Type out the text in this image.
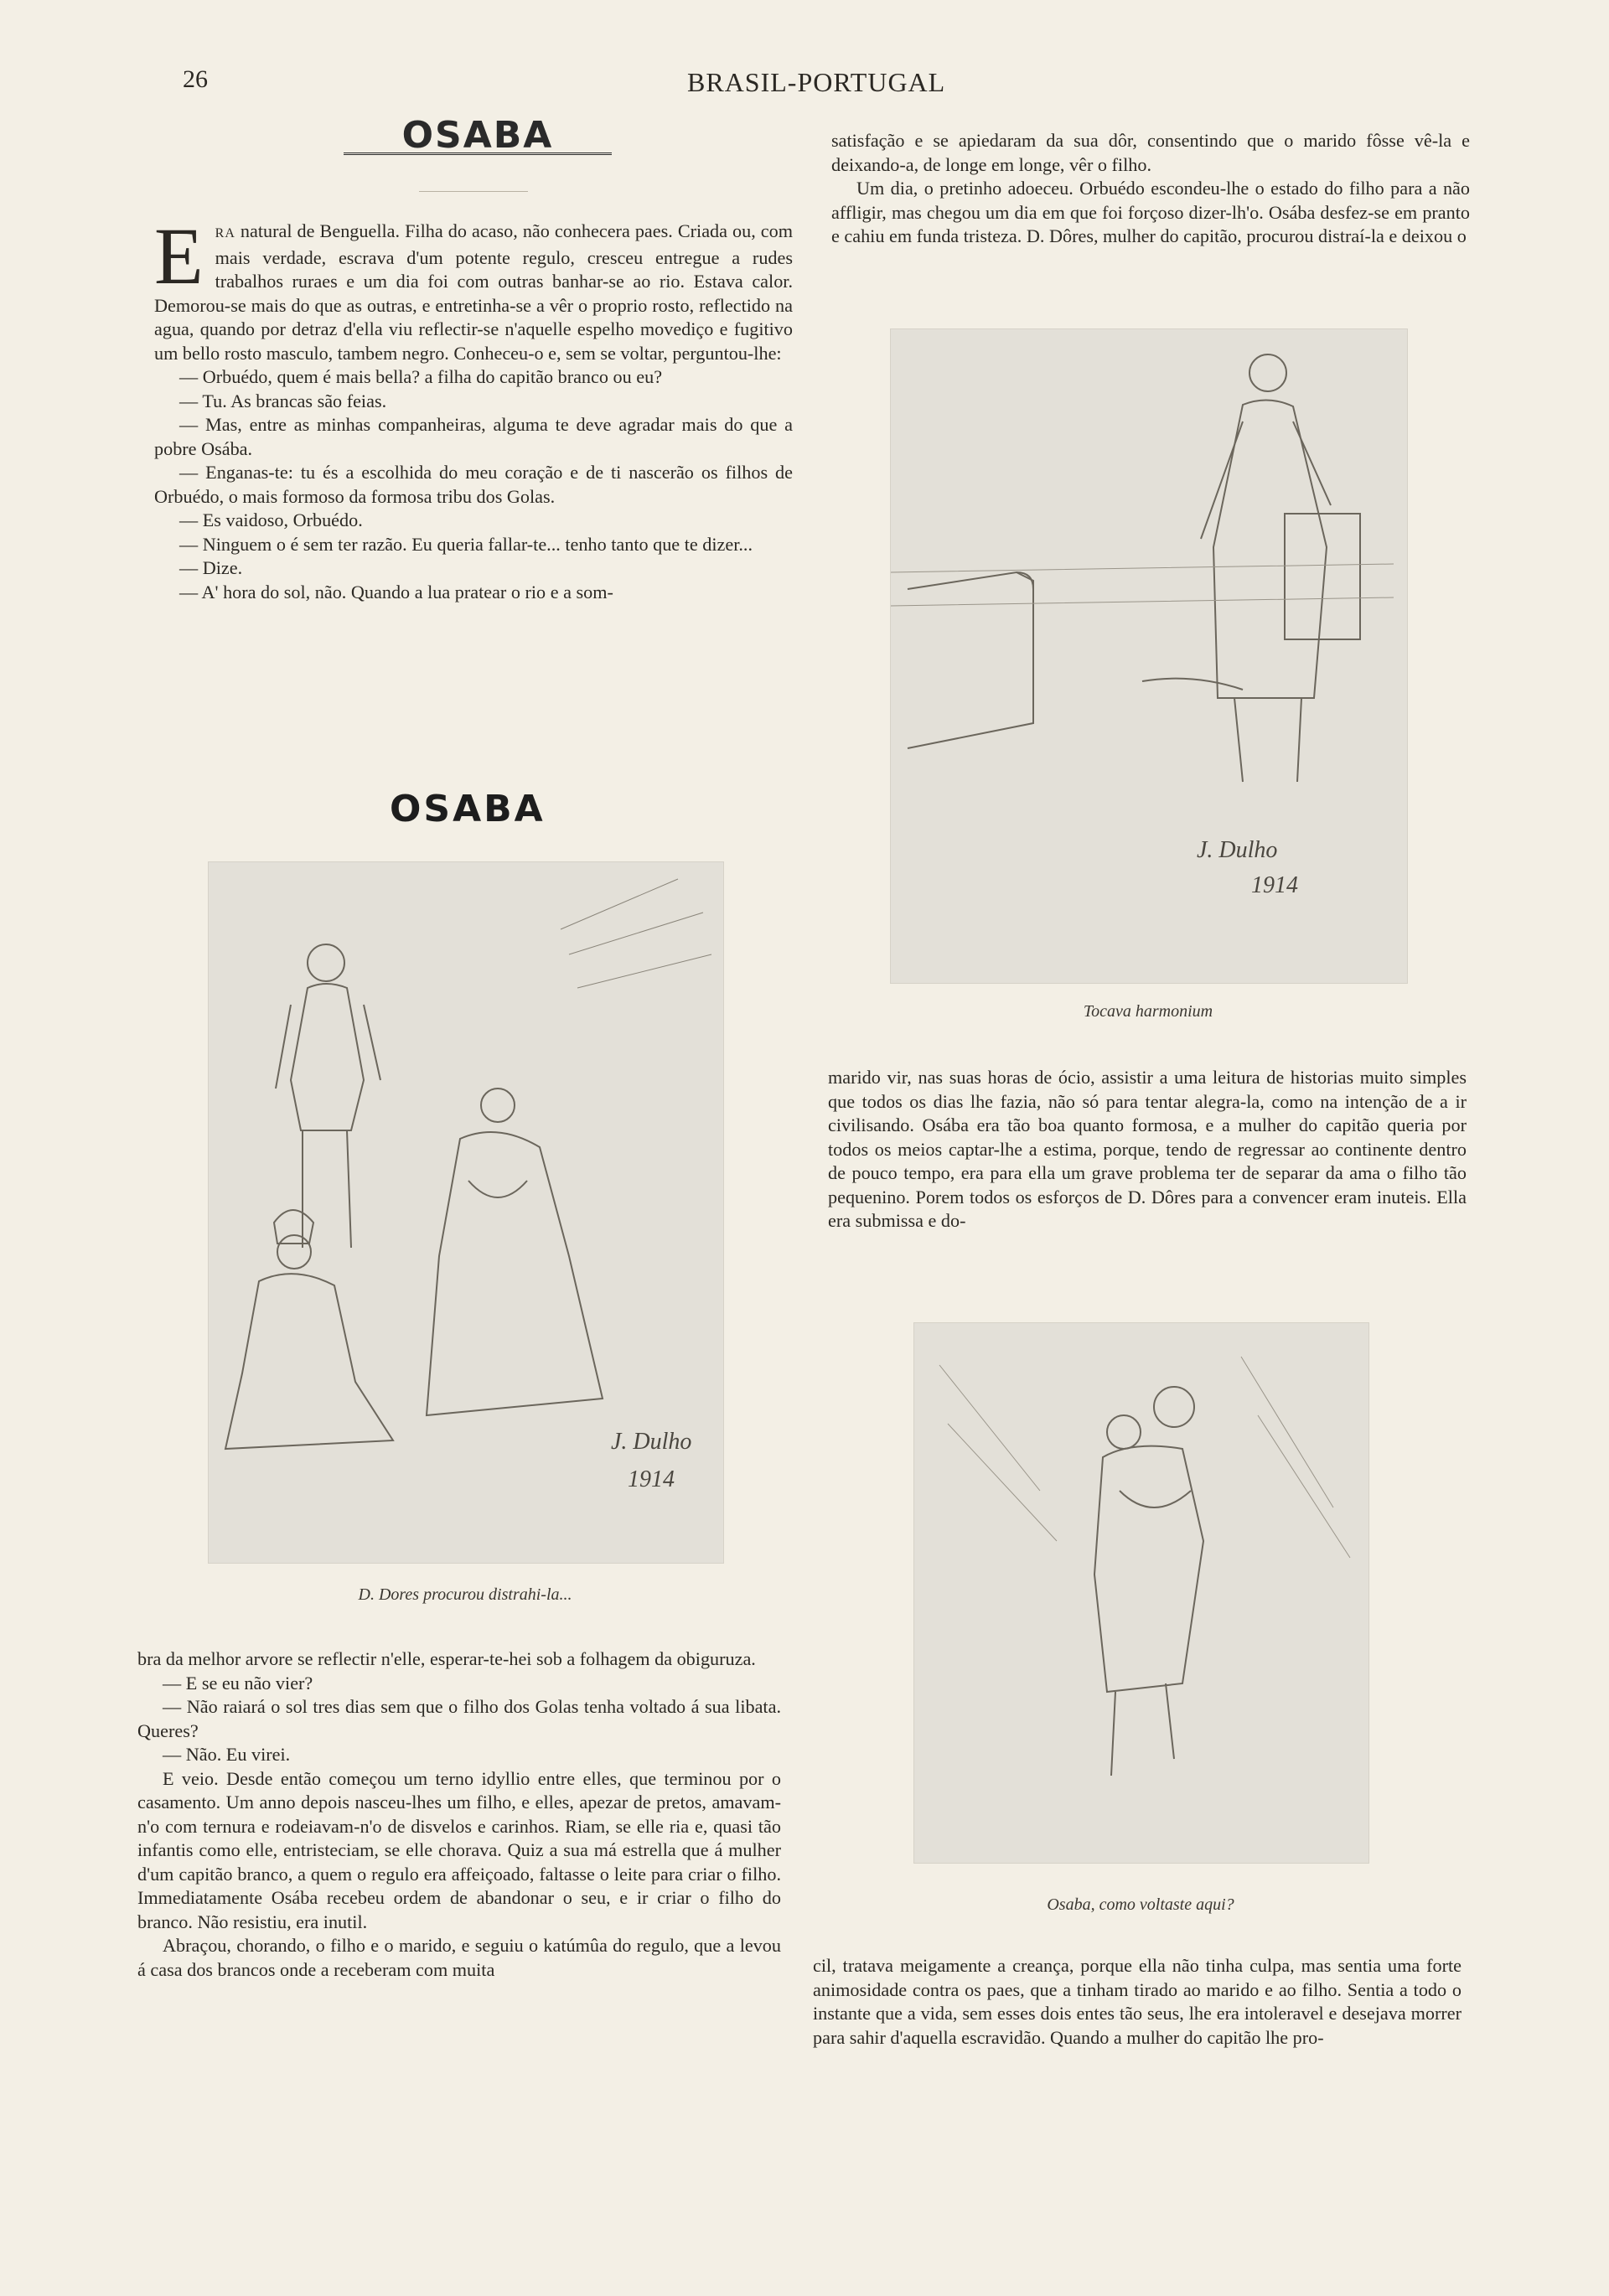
26	BRASIL-PORTUGAL
OSABA

ERA natural de Benguella. Filha do acaso, não conhecera paes. Criada ou, com mais verdade, escrava d'um potente regulo, cresceu entregue a rudes trabalhos ruraes e um dia foi com outras banhar-se ao rio. Estava calor. Demorou-se mais do que as outras, e entretinha-se a vêr o proprio rosto, reflectido na agua, quando por detraz d'ella viu reflectir-se n'aquelle espelho movediço e fugitivo um bello rosto masculo, tambem negro. Conheceu-o e, sem se voltar, perguntou-lhe:

— Orbuédo, quem é mais bella? a filha do capitão branco ou eu?

— Tu. As brancas são feias.

— Mas, entre as minhas companheiras, alguma te deve agradar mais do que a pobre Osába.

— Enganas-te: tu és a escolhida do meu coração e de ti nascerão os filhos de Orbuédo, o mais formoso da formosa tribu dos Golas.

— Es vaidoso, Orbuédo.

— Ninguem o é sem ter razão. Eu queria fallar-te... tenho tanto que te dizer...

— Dize.

— A' hora do sol, não. Quando a lua pratear o rio e a som-

OSABA
J. Dulho
1914
D. Dores procurou distrahi-la...

bra da melhor arvore se reflectir n'elle, esperar-te-hei sob a folhagem da obiguruza.

— E se eu não vier?

— Não raiará o sol tres dias sem que o filho dos Golas tenha voltado á sua libata. Queres?

— Não. Eu virei.

E veio. Desde então começou um terno idyllio entre elles, que terminou por o casamento. Um anno depois nasceu-lhes um filho, e elles, apezar de pretos, amavam-n'o com ternura e rodeiavam-n'o de disvelos e carinhos. Riam, se elle ria e, quasi tão infantis como elle, entristeciam, se elle chorava. Quiz a sua má estrella que á mulher d'um capitão branco, a quem o regulo era affeiçoado, faltasse o leite para criar o filho. Immediatamente Osába recebeu ordem de abandonar o seu, e ir criar o filho do branco. Não resistiu, era inutil.

Abraçou, chorando, o filho e o marido, e seguiu o katúmûa do regulo, que a levou á casa dos brancos onde a receberam com muita

satisfação e se apiedaram da sua dôr, consentindo que o marido fôsse vê-la e deixando-a, de longe em longe, vêr o filho.

Um dia, o pretinho adoeceu. Orbuédo escondeu-lhe o estado do filho para a não affligir, mas chegou um dia em que foi forçoso dizer-lh'o. Osába desfez-se em pranto e cahiu em funda tristeza. D. Dôres, mulher do capitão, procurou distraí-la e deixou o

J. Dulho
1914
Tocava harmonium

marido vir, nas suas horas de ócio, assistir a uma leitura de historias muito simples que todos os dias lhe fazia, não só para tentar alegra-la, como na intenção de a ir civilisando. Osába era tão boa quanto formosa, e a mulher do capitão queria por todos os meios captar-lhe a estima, porque, tendo de regressar ao continente dentro de pouco tempo, era para ella um grave problema ter de separar da ama o filho tão pequenino. Porem todos os esforços de D. Dôres para a convencer eram inuteis. Ella era submissa e do-

Osaba, como voltaste aqui?

cil, tratava meigamente a creança, porque ella não tinha culpa, mas sentia uma forte animosidade contra os paes, que a tinham tirado ao marido e ao filho. Sentia a todo o instante que a vida, sem esses dois entes tão seus, lhe era intoleravel e desejava morrer para sahir d'aquella escravidão. Quando a mulher do capitão lhe pro-
